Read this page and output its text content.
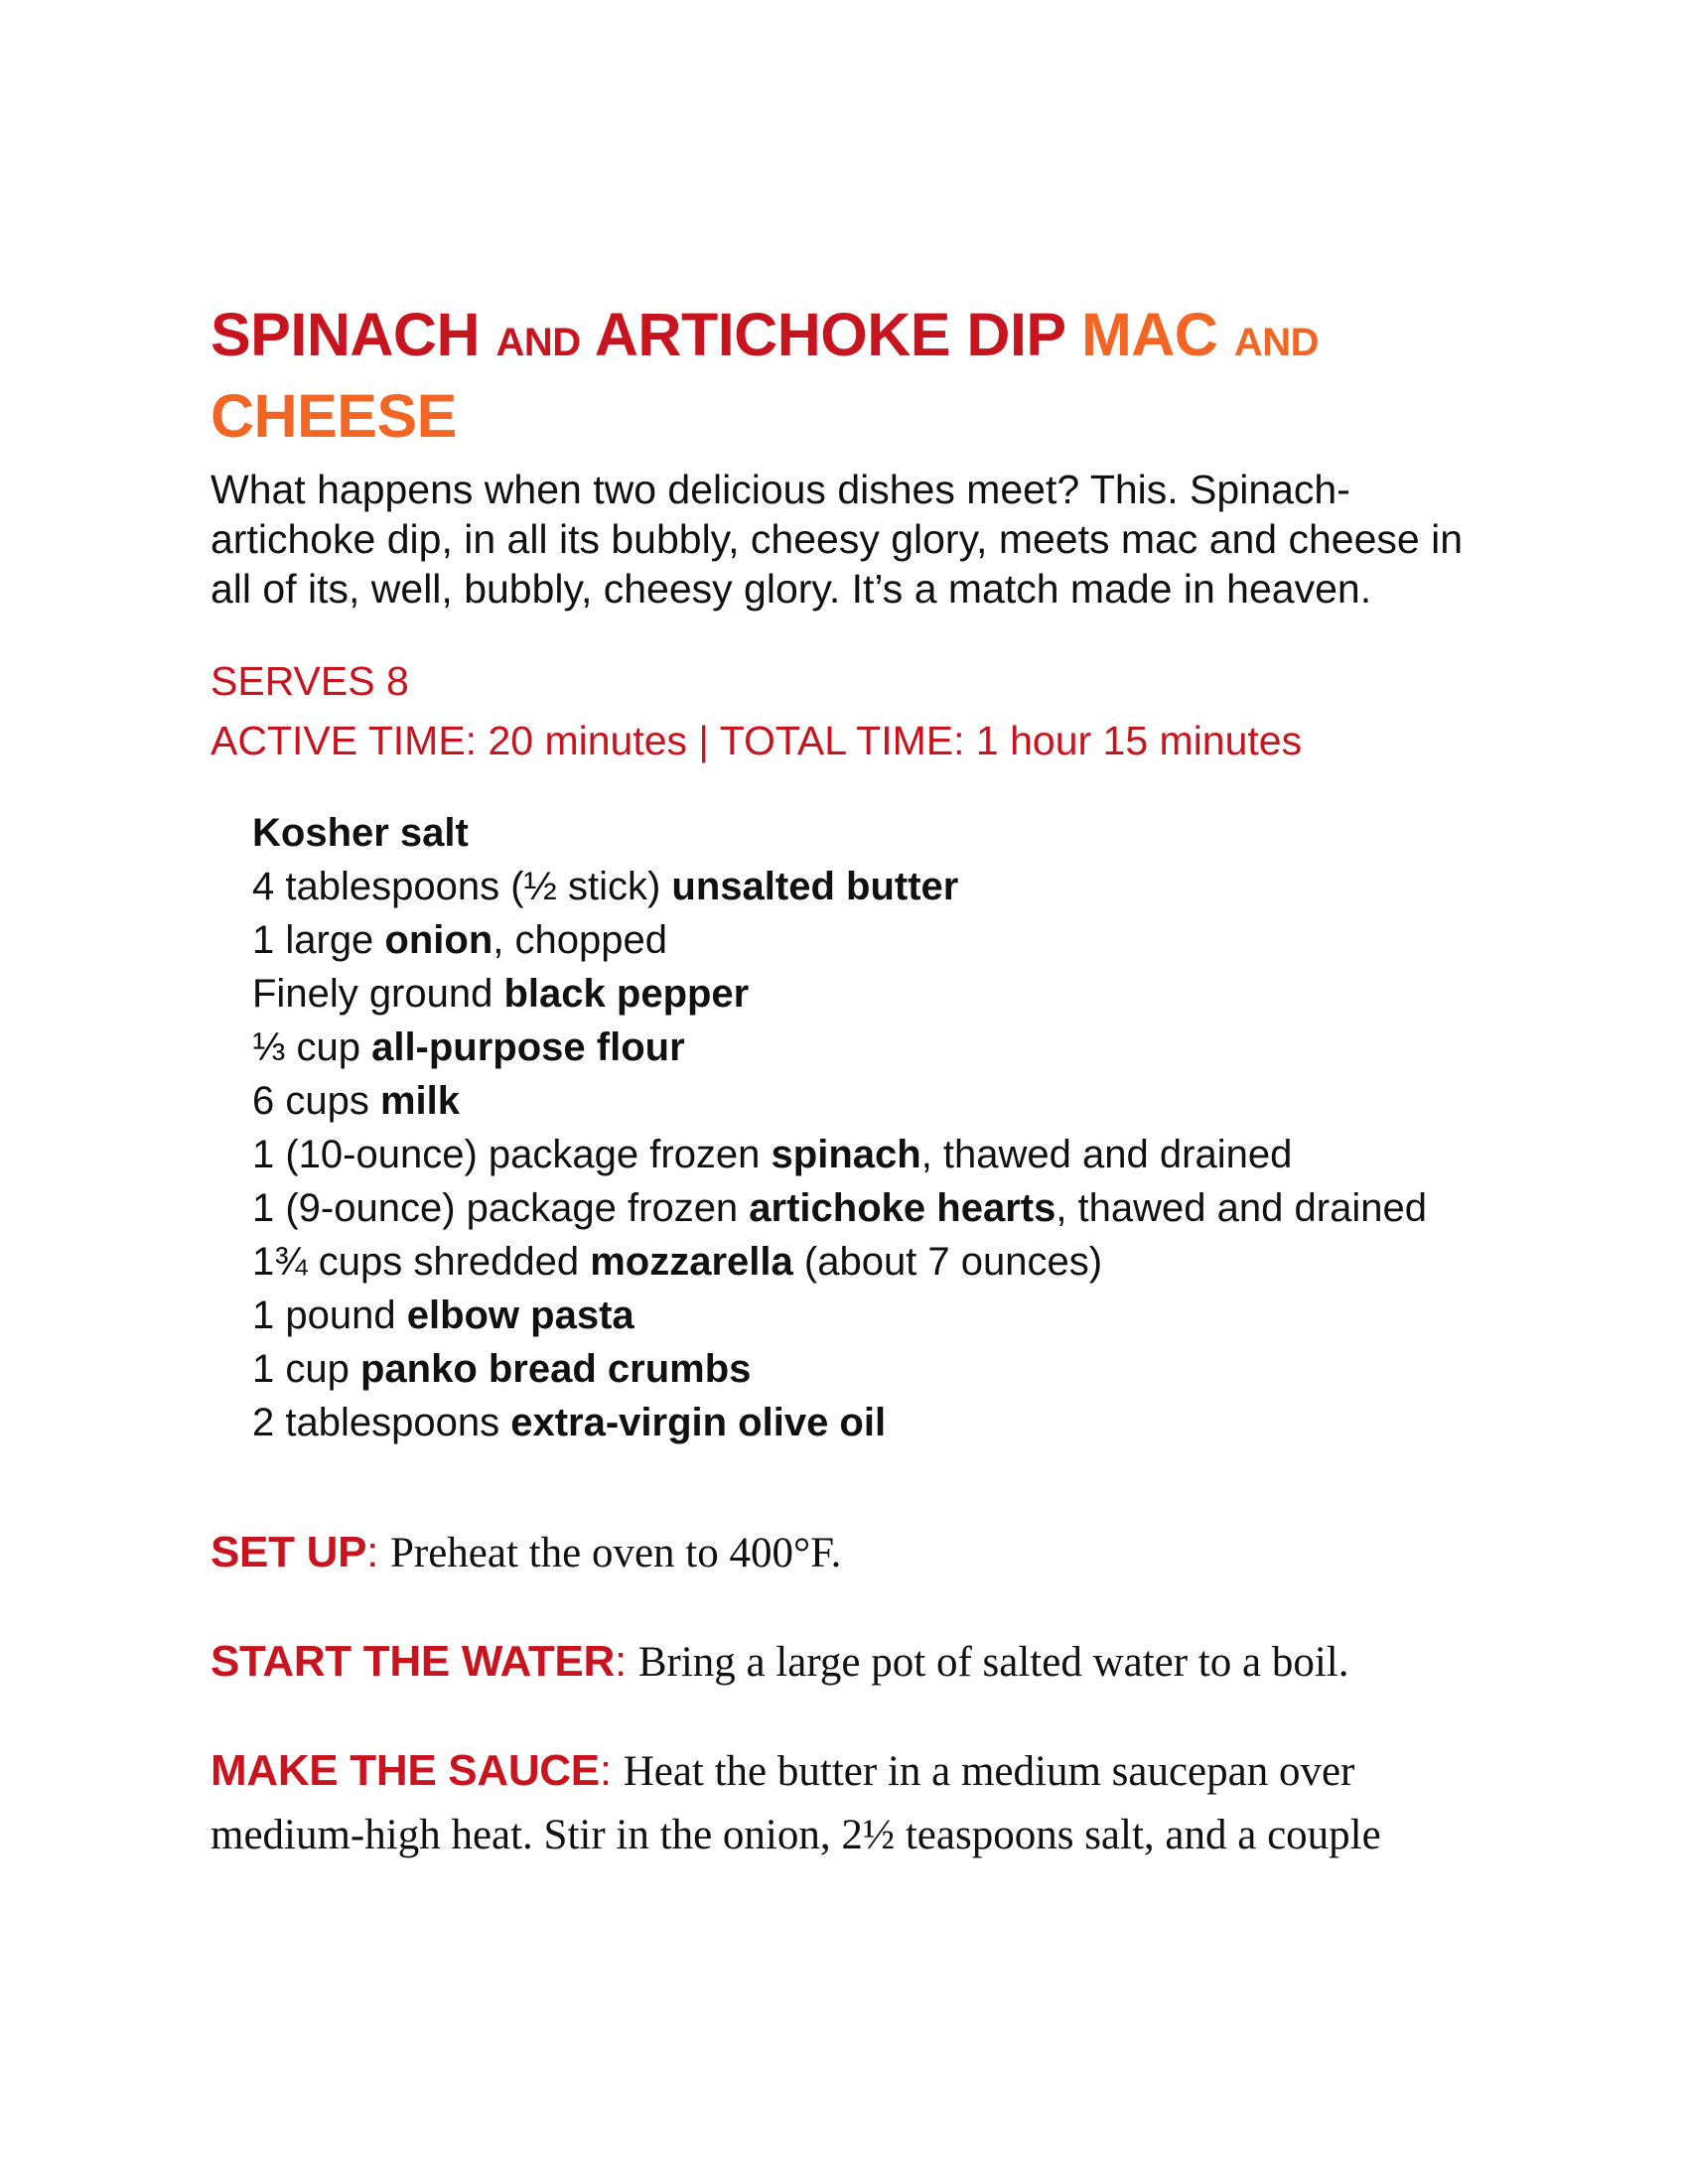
SPINACH AND ARTICHOKE DIP MAC AND
CHEESE

What happens when two delicious dishes meet? This. Spinach-artichoke dip, in all its bubbly, cheesy glory, meets mac and cheese in all of its, well, bubbly, cheesy glory. It’s a match made in heaven.

SERVES 8
ACTIVE TIME: 20 minutes | TOTAL TIME: 1 hour 15 minutes
Kosher salt
4 tablespoons (½ stick) unsalted butter
1 large onion, chopped
Finely ground black pepper
⅓ cup all-purpose flour
6 cups milk
1 (10-ounce) package frozen spinach, thawed and drained
1 (9-ounce) package frozen artichoke hearts, thawed and drained
1¾ cups shredded mozzarella (about 7 ounces)
1 pound elbow pasta
1 cup panko bread crumbs
2 tablespoons extra-virgin olive oil

SET UP: Preheat the oven to 400°F.

START THE WATER: Bring a large pot of salted water to a boil.

MAKE THE SAUCE: Heat the butter in a medium saucepan over medium-high heat. Stir in the onion, 2½ teaspoons salt, and a couple
